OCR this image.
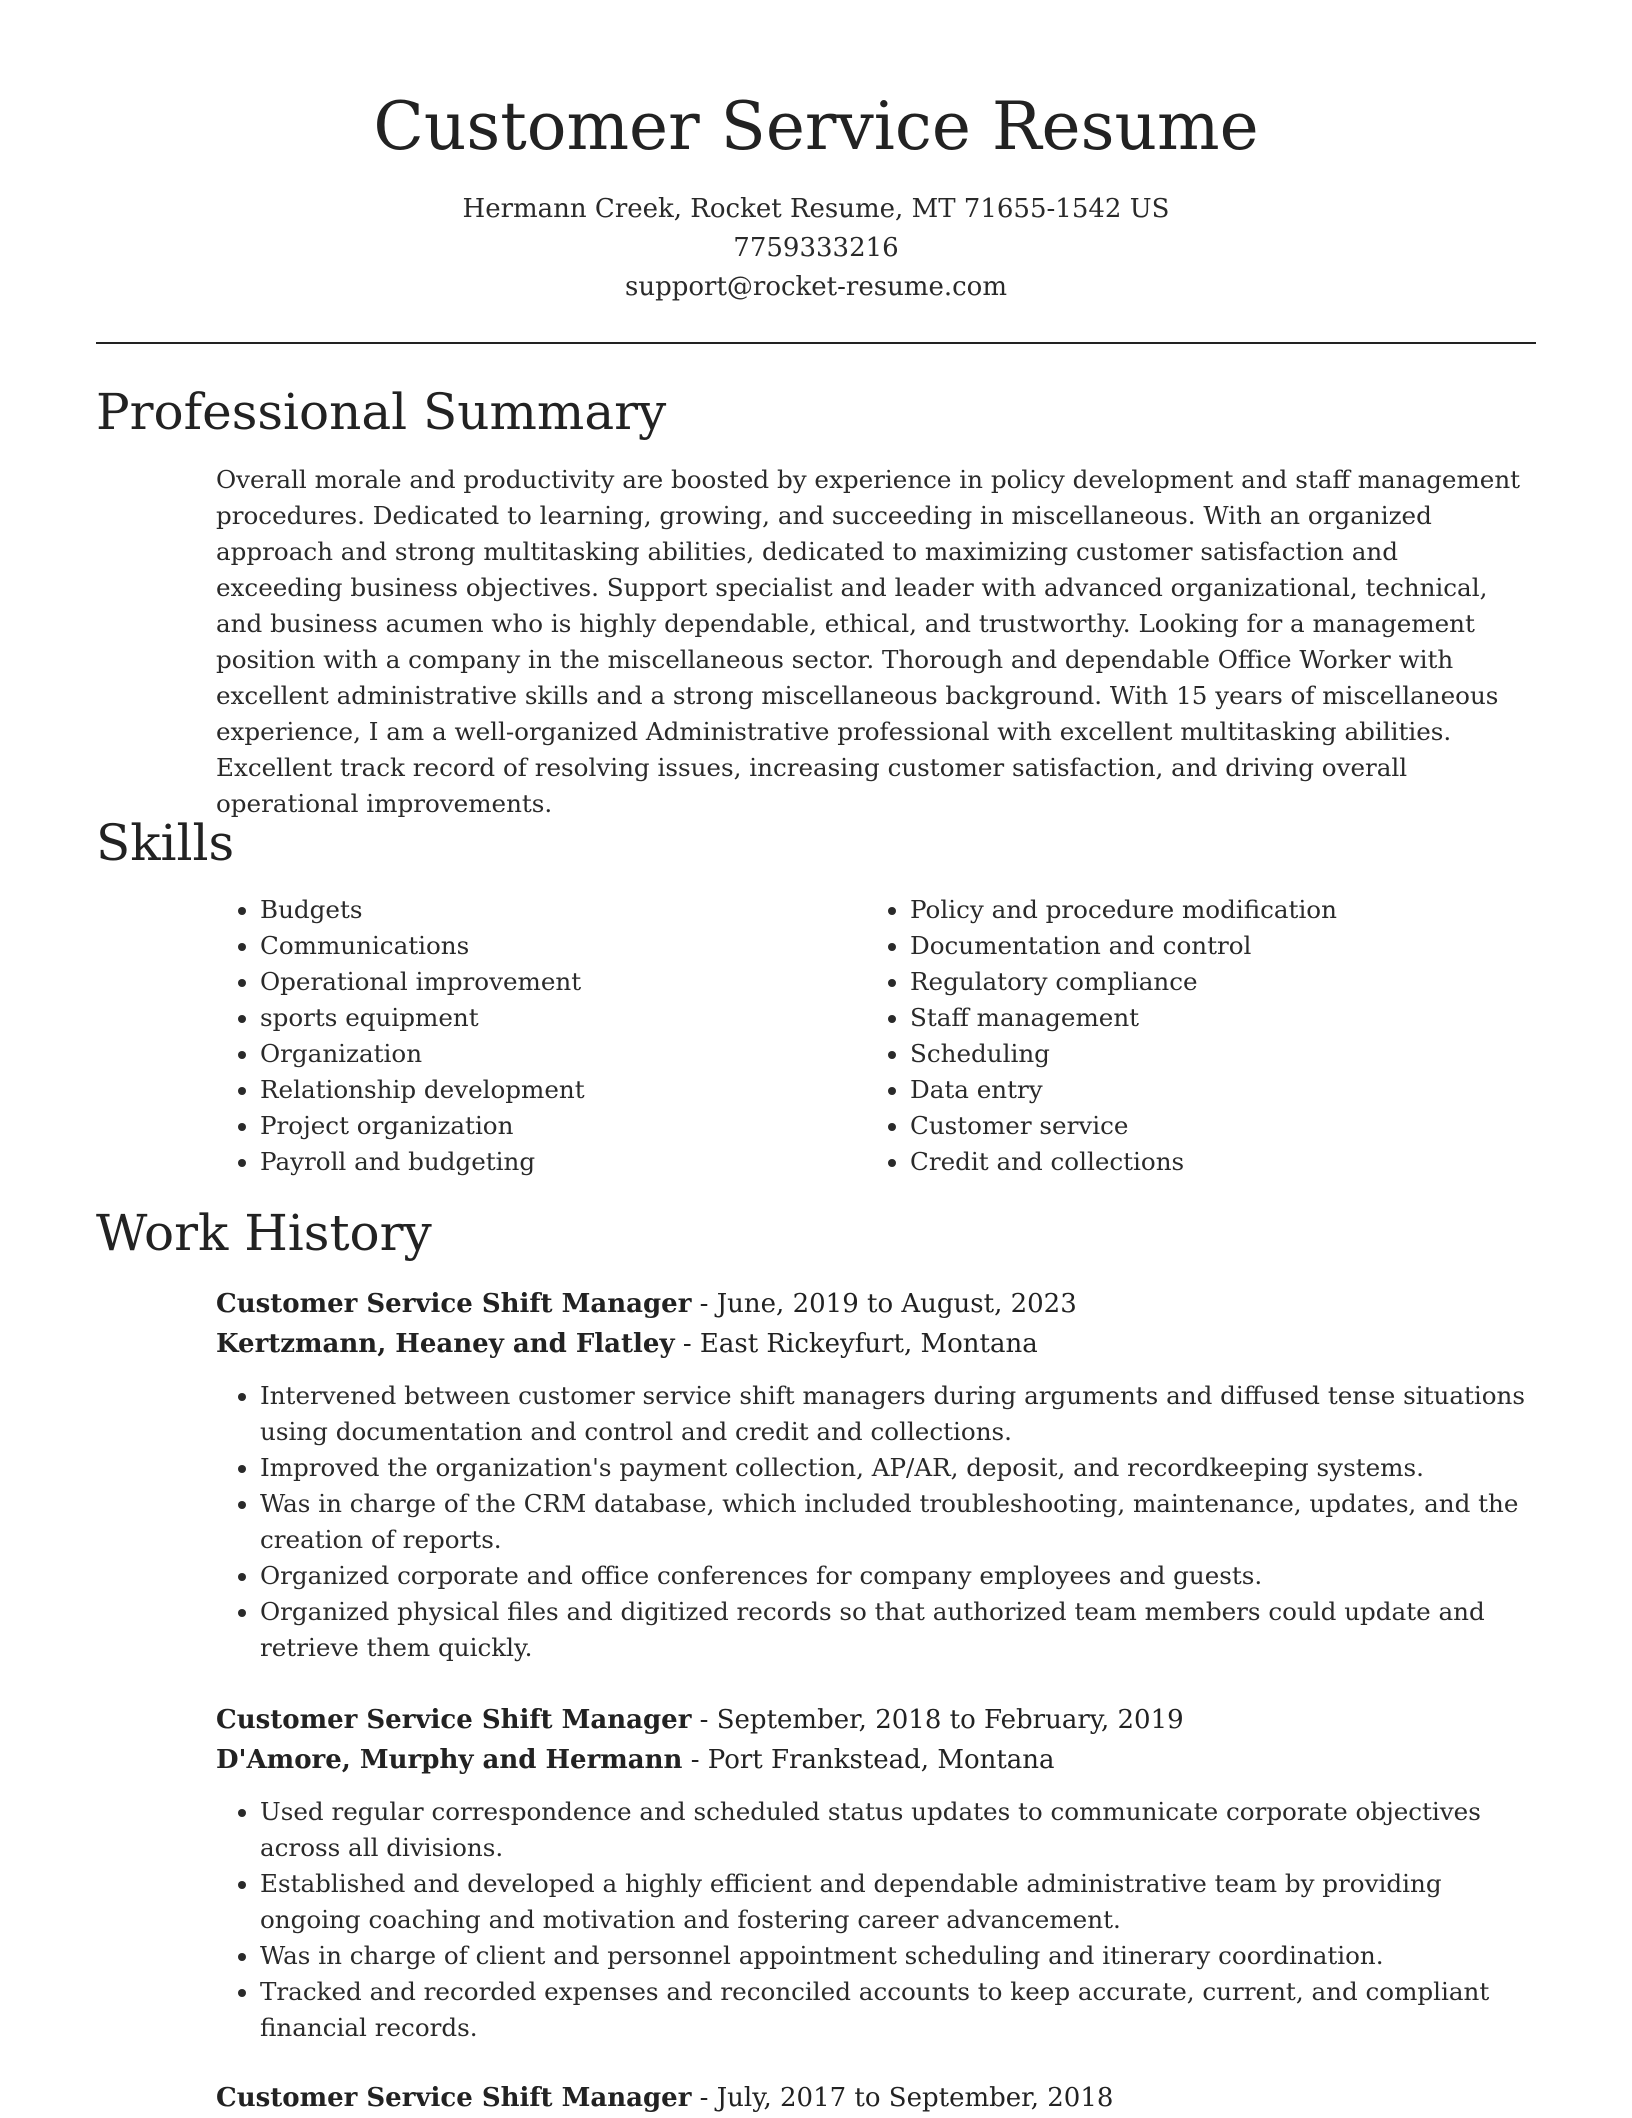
Customer Service Resume
Hermann Creek, Rocket Resume, MT 71655-1542 US
7759333216
support@rocket-resume.com
Professional Summary

Overall morale and productivity are boosted by experience in policy development and staff management procedures. Dedicated to learning, growing, and succeeding in miscellaneous. With an organized approach and strong multitasking abilities, dedicated to maximizing customer satisfaction and exceeding business objectives. Support specialist and leader with advanced organizational, technical, and business acumen who is highly dependable, ethical, and trustworthy. Looking for a management position with a company in the miscellaneous sector. Thorough and dependable Office Worker with excellent administrative skills and a strong miscellaneous background. With 15 years of miscellaneous experience, I am a well-organized Administrative professional with excellent multitasking abilities. Excellent track record of resolving issues, increasing customer satisfaction, and driving overall operational improvements.

Skills
• Budgets
• Communications
• Operational improvement
• sports equipment
• Organization
• Relationship development
• Project organization
• Payroll and budgeting
• Policy and procedure modification
• Documentation and control
• Regulatory compliance
• Staff management
• Scheduling
• Data entry
• Customer service
• Credit and collections
Work History
Customer Service Shift Manager - June, 2019 to August, 2023
Kertzmann, Heaney and Flatley - East Rickeyfurt, Montana
• Intervened between customer service shift managers during arguments and diffused tense situations using documentation and control and credit and collections.
• Improved the organization's payment collection, AP/AR, deposit, and recordkeeping systems.
• Was in charge of the CRM database, which included troubleshooting, maintenance, updates, and the creation of reports.
• Organized corporate and office conferences for company employees and guests.
• Organized physical files and digitized records so that authorized team members could update and retrieve them quickly.
Customer Service Shift Manager - September, 2018 to February, 2019
D'Amore, Murphy and Hermann - Port Frankstead, Montana
• Used regular correspondence and scheduled status updates to communicate corporate objectives across all divisions.
• Established and developed a highly efficient and dependable administrative team by providing ongoing coaching and motivation and fostering career advancement.
• Was in charge of client and personnel appointment scheduling and itinerary coordination.
• Tracked and recorded expenses and reconciled accounts to keep accurate, current, and compliant financial records.
Customer Service Shift Manager - July, 2017 to September, 2018
